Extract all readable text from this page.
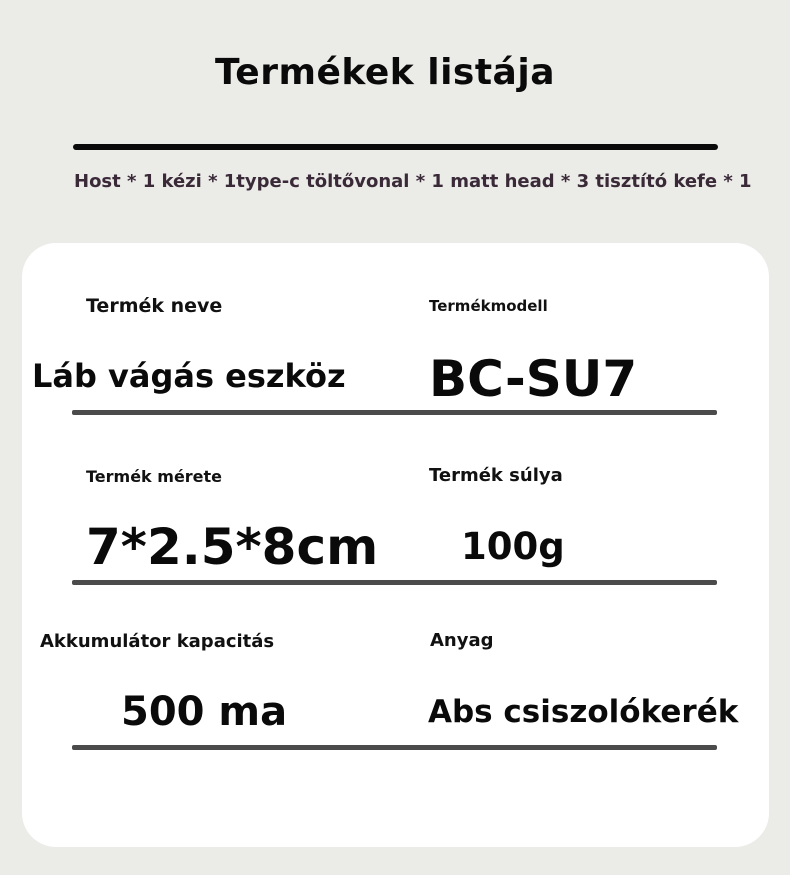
Termékek listája
Host * 1 kézi * 1type-c töltővonal * 1 matt head * 3 tisztító kefe * 1
Termék neve	Termékmodell
Láb vágás eszköz BC-SU7
Termék mérete	Termék súlya
7*2.5*8cm 100g
Akkumulátor kapacitás	Anyag
500 ma	Abs csiszolókerék
